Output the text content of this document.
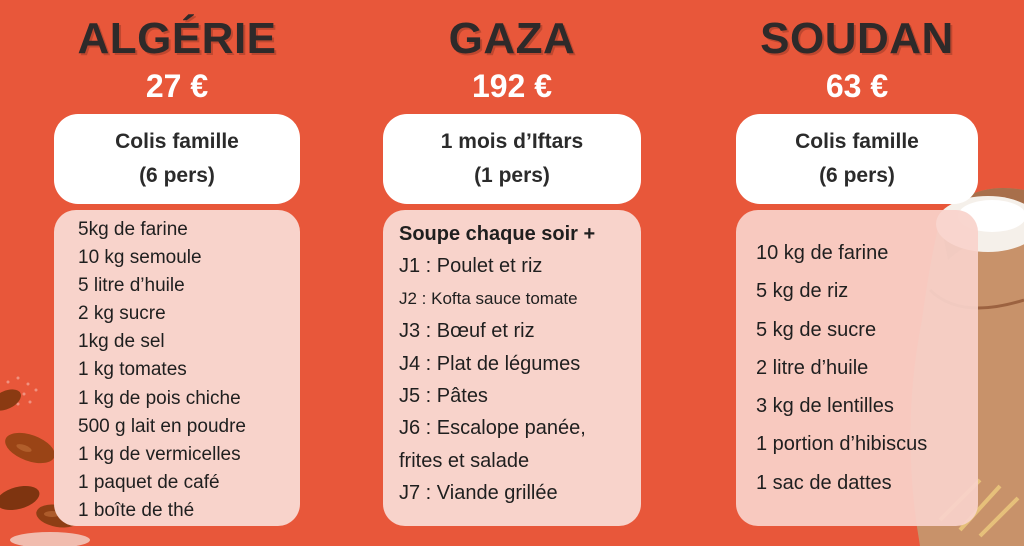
ALGÉRIE
27 €
Colis famille
(6 pers)
5kg de farine
10 kg semoule
5 litre d’huile
2 kg sucre
1kg de sel
1 kg tomates
1 kg de pois chiche
500 g lait en poudre
1 kg de vermicelles
1 paquet de café
1 boîte de thé
GAZA
192 €
1 mois d’Iftars
(1 pers)
Soupe chaque soir +
J1 : Poulet et riz
J2 : Kofta sauce tomate
J3 : Bœuf et riz
J4 : Plat de légumes
J5 : Pâtes
J6 : Escalope panée,
frites et salade
J7 : Viande grillée
SOUDAN
63 €
Colis famille
(6 pers)
10 kg de farine
5 kg de riz
5 kg de sucre
2 litre d’huile
3 kg de lentilles
1 portion d’hibiscus
1 sac de dattes
